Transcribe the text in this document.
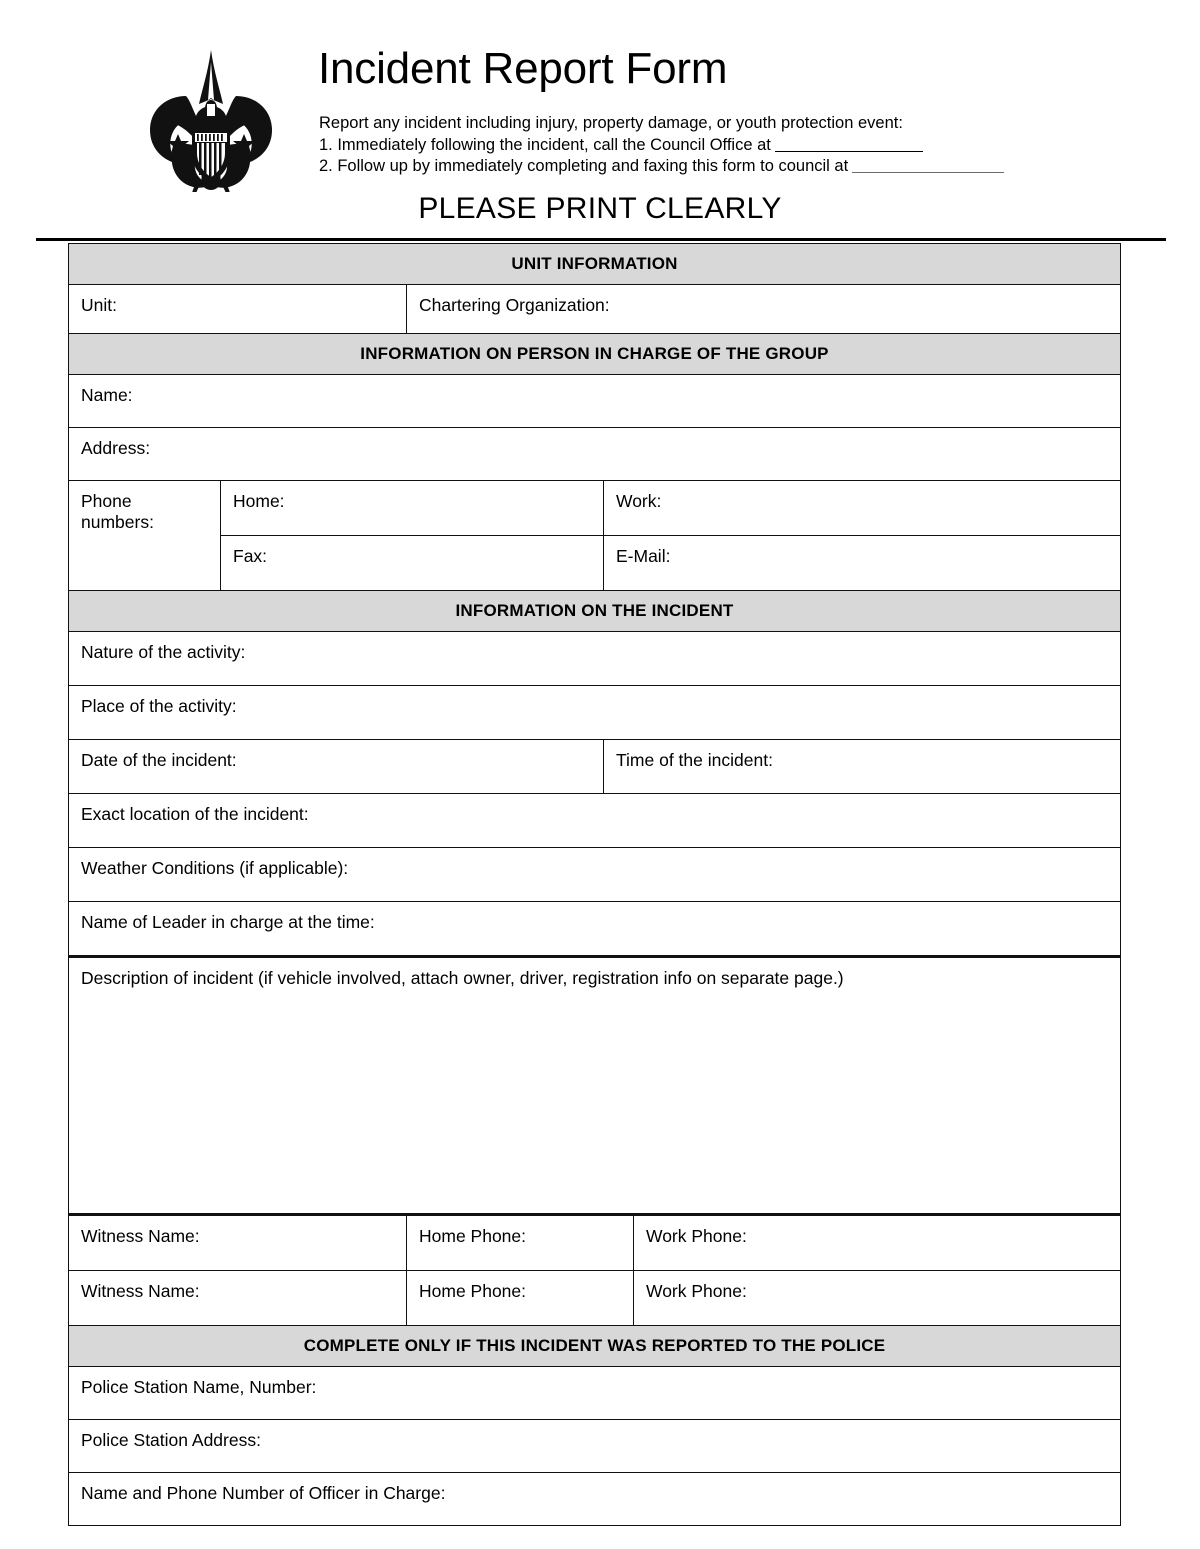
Incident Report Form
Report any incident including injury, property damage, or youth protection event:
1. Immediately following the incident, call the Council Office at
2. Follow up by immediately completing and faxing this form to council at
PLEASE PRINT CLEARLY
UNIT INFORMATION				
Unit:		Chartering Organization:		
INFORMATION ON PERSON IN CHARGE OF THE GROUP				
Name:				
Address:				

Phone
numbers:	Home:		Work:	
	Fax:		E-Mail:	
INFORMATION ON THE INCIDENT				
Nature of the activity:				
Place of the activity:				
Date of the incident:			Time of the incident:	
Exact location of the incident:				
Weather Conditions (if applicable):				
Name of Leader in charge at the time:				
Description of incident (if vehicle involved, attach owner, driver, registration info on separate page.)				
Witness Name:		Home Phone:		Work Phone:
Witness Name:		Home Phone:		Work Phone:
COMPLETE ONLY IF THIS INCIDENT WAS REPORTED TO THE POLICE				
Police Station Name, Number:				
Police Station Address:				
Name and Phone Number of Officer in Charge:				
